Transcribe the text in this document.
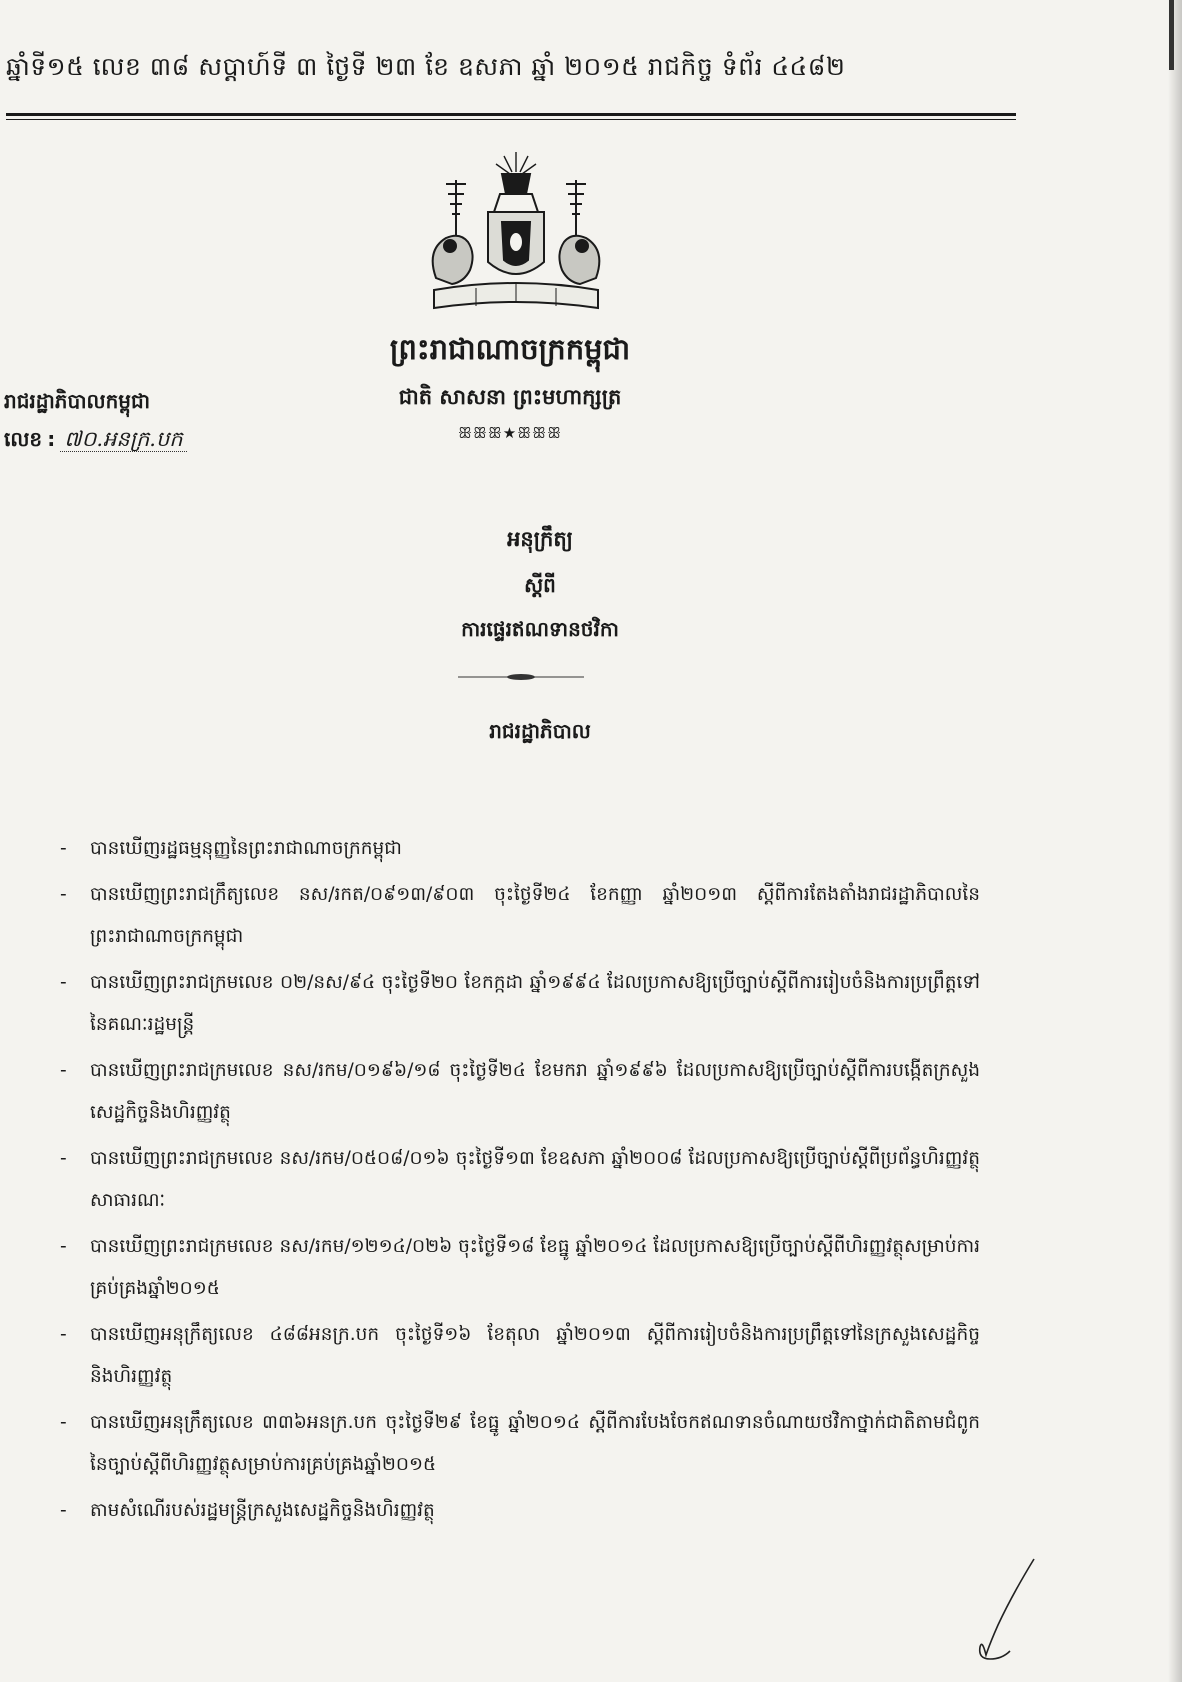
ឆ្នាំទី១៥ លេខ ៣៨ សប្តាហ៍ទី ៣ ថ្ងៃទី ២៣ ខែ ឧសភា ឆ្នាំ ២០១៥ រាជកិច្ច ទំព័រ ៤៤៨២
ព្រះរាជាណាចក្រកម្ពុជា
ជាតិ សាសនា ព្រះមហាក្សត្រ
ꕥꕥꕥ★ꕥꕥꕥ
រាជរដ្ឋាភិបាលកម្ពុជា
លេខ : ៧០.អនក្រ.បក
អនុក្រឹត្យ
ស្តីពី
ការផ្ទេរឥណទានថវិកា
រាជរដ្ឋាភិបាល
- បានឃើញរដ្ឋធម្មនុញ្ញនៃព្រះរាជាណាចក្រកម្ពុជា
- បានឃើញព្រះរាជក្រឹត្យលេខ នស/រកត/០៩១៣/៩០៣ ចុះថ្ងៃទី២៤ ខែកញ្ញា ឆ្នាំ២០១៣ ស្តីពីការតែងតាំងរាជរដ្ឋាភិបាលនៃព្រះរាជាណាចក្រកម្ពុជា
- បានឃើញព្រះរាជក្រមលេខ ០២/នស/៩៤ ចុះថ្ងៃទី២០ ខែកក្កដា ឆ្នាំ១៩៩៤ ដែលប្រកាសឱ្យប្រើច្បាប់ស្តីពីការរៀបចំនិងការប្រព្រឹត្តទៅនៃគណៈរដ្ឋមន្ត្រី
- បានឃើញព្រះរាជក្រមលេខ នស/រកម/០១៩៦/១៨ ចុះថ្ងៃទី២៤ ខែមករា ឆ្នាំ១៩៩៦ ដែលប្រកាសឱ្យប្រើច្បាប់ស្តីពីការបង្កើតក្រសួងសេដ្ឋកិច្ចនិងហិរញ្ញវត្ថុ
- បានឃើញព្រះរាជក្រមលេខ នស/រកម/០៥០៨/០១៦ ចុះថ្ងៃទី១៣ ខែឧសភា ឆ្នាំ២០០៨ ដែលប្រកាសឱ្យប្រើច្បាប់ស្តីពីប្រព័ន្ធហិរញ្ញវត្ថុសាធារណៈ
- បានឃើញព្រះរាជក្រមលេខ នស/រកម/១២១៤/០២៦ ចុះថ្ងៃទី១៨ ខែធ្នូ ឆ្នាំ២០១៤ ដែលប្រកាសឱ្យប្រើច្បាប់ស្តីពីហិរញ្ញវត្ថុសម្រាប់ការគ្រប់គ្រងឆ្នាំ២០១៥
- បានឃើញអនុក្រឹត្យលេខ ៤៨៨អនក្រ.បក ចុះថ្ងៃទី១៦ ខែតុលា ឆ្នាំ២០១៣ ស្តីពីការរៀបចំនិងការប្រព្រឹត្តទៅនៃក្រសួងសេដ្ឋកិច្ចនិងហិរញ្ញវត្ថុ
- បានឃើញអនុក្រឹត្យលេខ ៣៣៦អនក្រ.បក ចុះថ្ងៃទី២៩ ខែធ្នូ ឆ្នាំ២០១៤ ស្តីពីការបែងចែកឥណទានចំណាយថវិកាថ្នាក់ជាតិតាមជំពូកនៃច្បាប់ស្តីពីហិរញ្ញវត្ថុសម្រាប់ការគ្រប់គ្រងឆ្នាំ២០១៥
- តាមសំណើរបស់រដ្ឋមន្ត្រីក្រសួងសេដ្ឋកិច្ចនិងហិរញ្ញវត្ថុ
